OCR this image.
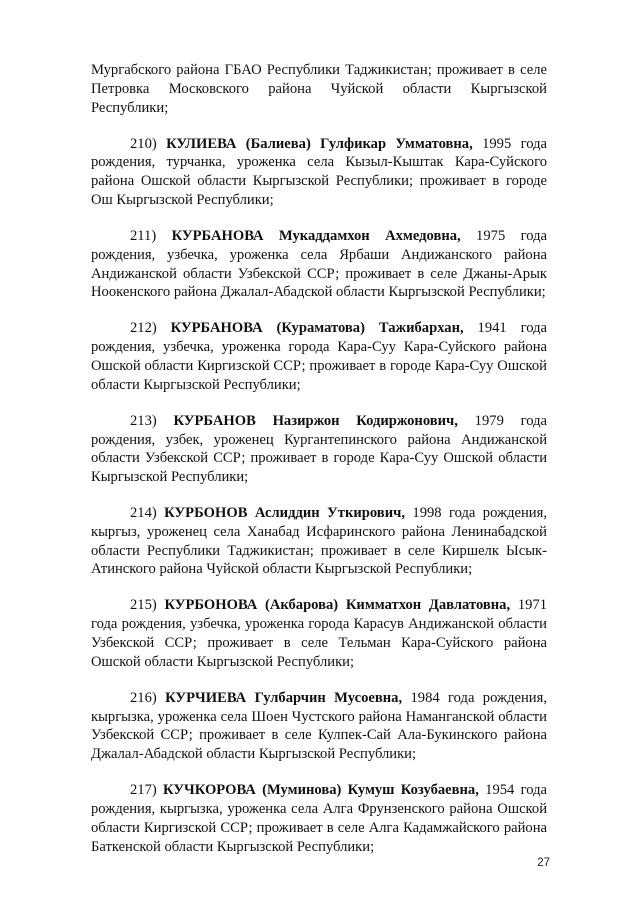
Мургабского района ГБАО Республики Таджикистан; проживает в селе Петровка Московского района Чуйской области Кыргызской Республики;

210) КУЛИЕВА (Балиева) Гулфикар Умматовна, 1995 года рождения, турчанка, уроженка села Кызыл-Кыштак Кара-Суйского района Ошской области Кыргызской Республики; проживает в городе Ош Кыргызской Республики;

211) КУРБАНОВА Мукаддамхон Ахмедовна, 1975 года рождения, узбечка, уроженка села Ярбаши Андижанского района Андижанской области Узбекской ССР; проживает в селе Джаны-Арык Ноокенского района Джалал-Абадской области Кыргызской Республики;

212) КУРБАНОВА (Кураматова) Тажибархан, 1941 года рождения, узбечка, уроженка города Кара-Суу Кара-Суйского района Ошской области Киргизской ССР; проживает в городе Кара-Суу Ошской области Кыргызской Республики;

213) КУРБАНОВ Назиржон Кодиржонович, 1979 года рождения, узбек, уроженец Кургантепинского района Андижанской области Узбекской ССР; проживает в городе Кара-Суу Ошской области Кыргызской Республики;

214) КУРБОНОВ Аслиддин Уткирович, 1998 года рождения, кыргыз, уроженец села Ханабад Исфаринского района Ленинабадской области Республики Таджикистан; проживает в селе Киршелк Ысык-Атинского района Чуйской области Кыргызской Республики;

215) КУРБОНОВА (Акбарова) Кимматхон Давлатовна, 1971 года рождения, узбечка, уроженка города Карасув Андижанской области Узбекской ССР; проживает в селе Тельман Кара-Суйского района Ошской области Кыргызской Республики;

216) КУРЧИЕВА Гулбарчин Мусоевна, 1984 года рождения, кыргызка, уроженка села Шоен Чустского района Наманганской области Узбекской ССР; проживает в селе Кулпек-Сай Ала-Букинского района Джалал-Абадской области Кыргызской Республики;

217) КУЧКОРОВА (Муминова) Кумуш Козубаевна, 1954 года рождения, кыргызка, уроженка села Алга Фрунзенского района Ошской области Киргизской ССР; проживает в селе Алга Кадамжайского района Баткенской области Кыргызской Республики;

27
